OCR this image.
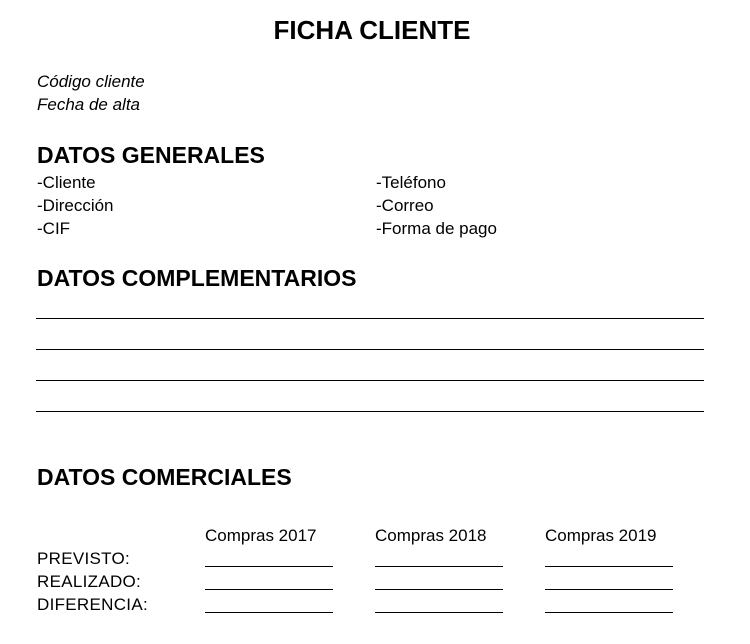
FICHA CLIENTE
Código cliente
Fecha de alta
DATOS GENERALES
-Cliente
-Dirección
-CIF
-Teléfono
-Correo
-Forma de pago
DATOS COMPLEMENTARIOS
DATOS COMERCIALES
Compras 2017	Compras 2018	Compras 2019
PREVISTO:
REALIZADO:
DIFERENCIA:
